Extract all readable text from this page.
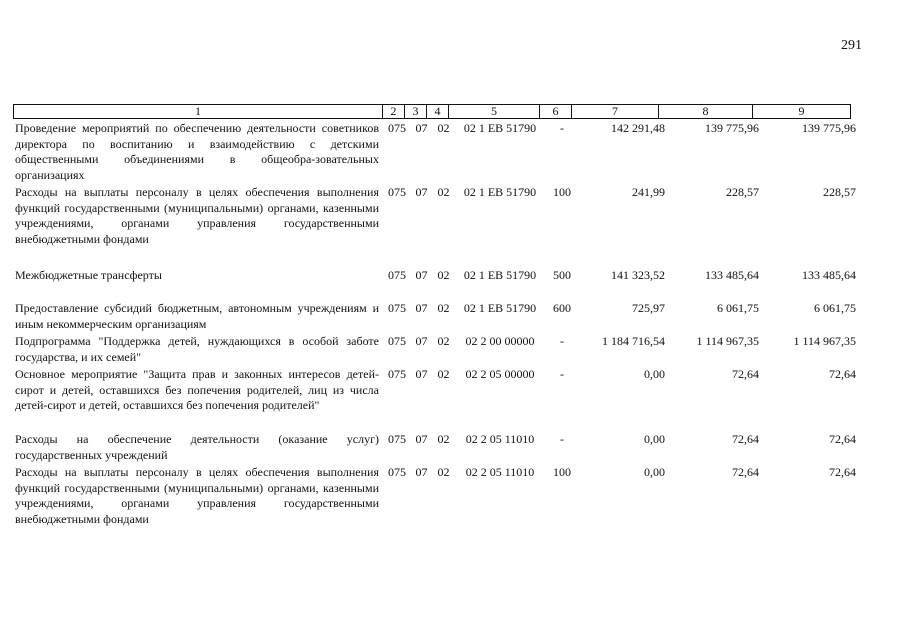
291
1	2	3	4	5	6	7	8	9
Проведение мероприятий по обеспечению деятельности советников директора по воспитанию и взаимодействию с детскими общественными объединениями в общеобра-зовательных организациях
075 07 02	02 1 ЕВ 51790	-	142 291,48	139 775,96	139 775,96
Расходы на выплаты персоналу в целях обеспечения выполнения функций государственными (муниципальными) органами, казенными учреждениями, органами управления государственными внебюджетными фондами
075 07 02	02 1 ЕВ 51790	100	241,99	228,57	228,57
Межбюджетные трансферты	075 07 02	02 1 ЕВ 51790	500	141 323,52	133 485,64	133 485,64
Предоставление субсидий бюджетным, автономным учреждениям и иным некоммерческим организациям
075 07 02	02 1 ЕВ 51790	600	725,97	6 061,75	6 061,75
Подпрограмма "Поддержка детей, нуждающихся в особой заботе государства, и их семей"
075 07 02	02 2 00 00000	-	1 184 716,54	1 114 967,35	1 114 967,35
Основное мероприятие "Защита прав и законных интересов детей-сирот и детей, оставшихся без попечения родителей, лиц из числа детей-сирот и детей, оставшихся без попечения родителей"
075 07 02	02 2 05 00000	-	0,00	72,64	72,64
Расходы на обеспечение деятельности (оказание услуг) государственных учреждений
075 07 02	02 2 05 11010	-	0,00	72,64	72,64
Расходы на выплаты персоналу в целях обеспечения выполнения функций государственными (муниципальными) органами, казенными учреждениями, органами управления государственными внебюджетными фондами
075 07 02	02 2 05 11010	100	0,00	72,64	72,64
